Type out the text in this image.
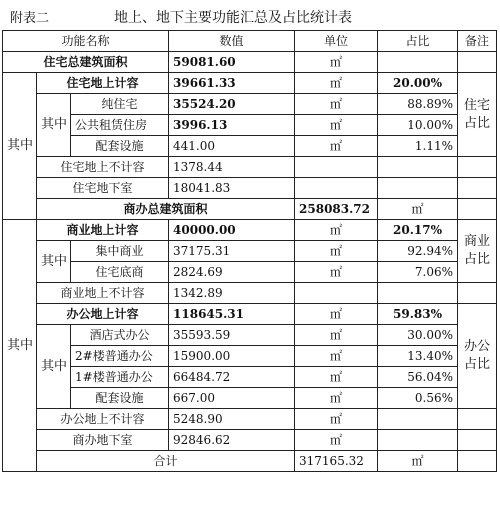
附表二	地上、地下主要功能汇总及占比统计表
功能名称			数值	单位	占比	备注	
住宅总建筑面积			59081.60	㎡			
其中	住宅地上计容		39661.33	㎡	20.00%	住宅占比	
	其中	纯住宅	35524.20	㎡	88.89%		
		公共租赁住房	3996.13	㎡	10.00%		
		配套设施	441.00	㎡	1.11%		
	住宅地上不计容		1378.44				
	住宅地下室		18041.83				
	商办总建筑面积			258083.72	㎡		
其中	商业地上计容		40000.00	㎡	20.17%	商业占比	
	其中	集中商业	37175.31	㎡	92.94%		
		住宅底商	2824.69	㎡	7.06%		
	商业地上不计容		1342.89				
	办公地上计容		118645.31	㎡	59.83%	办公占比	
	其中	酒店式办公	35593.59	㎡	30.00%		
		2#楼普通办公	15900.00	㎡	13.40%		
		1#楼普通办公	66484.72	㎡	56.04%		
		配套设施	667.00	㎡	0.56%		
	办公地上不计容		5248.90	㎡			
	商办地下室		92846.62	㎡			
	合计			317165.32	㎡		
